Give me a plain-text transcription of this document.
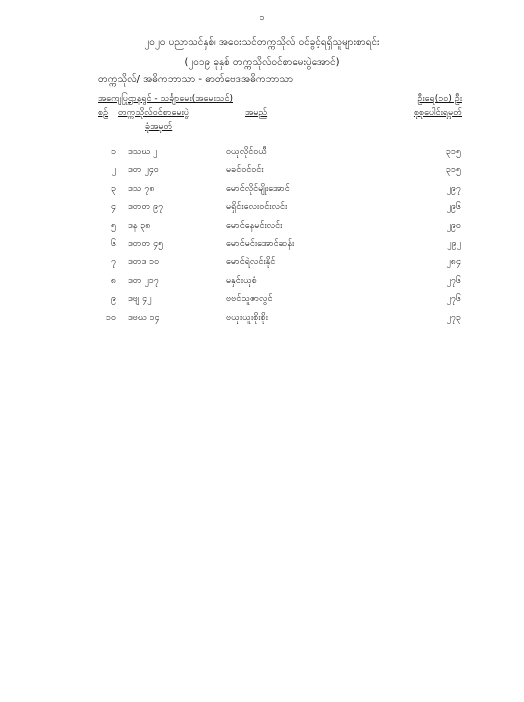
၁
၂၀၂၀ ပညာသင်နှစ်၊ အဝေးသင်တက္ကသိုလ် ဝင်ခွင့်ရရှိသူများစာရင်း
(၂၀၁၉ ခုနှစ် တက္ကသိုလ်ဝင်စာမေးပွဲအောင်)
တက္ကသိုလ်/ အဓိကဘာသာ - ဓာတ်ဗေဒအဓိကဘာသာ
အကျေပြုဌာနရွင် - သင်္ချာမေး(အမေးသင်)	ဦးရေ(၁၀) ဦး
စဉ် တက္ကသိုလ်ဝင်စာမေးပွဲ
ခုံအမှတ်
အမည်	စုစုပေါင်းရမှတ်
၁ ဒသဃ ၂	ဝယုလိုင်ဝယီ	၃၁၅
၂ ဒတ ၂၄၀	မခင်ဝင်ဝင်း	၃၁၅
၃ ဒသ ၇၈	မောင်လိုင်မျိုးအောင်	၂၉၇
၄ ဒတတ ၉၇	မရှိင်းလေးဝင်းလင်း	၂၉၆
၅ ဒန ၃၈	မောင်နေမင်းလင်း	၂၉၀
၆ ဒတတ ၄၅	မောင်မင်းအောင်ဆန်း	၂၉၂
၇ ဒတဒ ၁၀	မောင်ရဲလင်းနိုင်	၂၈၄
၈ ဒတ ၂၁၇	မနှင်းယုစံ	၂၇၆
၉ ဒဗျ ၄၂	ဗဗင်သူဇာလွင်	၂၇၆
၁၀ ဒဗဃ ၁၄	ဗယုးယူးစိုးစိုး	၂၇၃
